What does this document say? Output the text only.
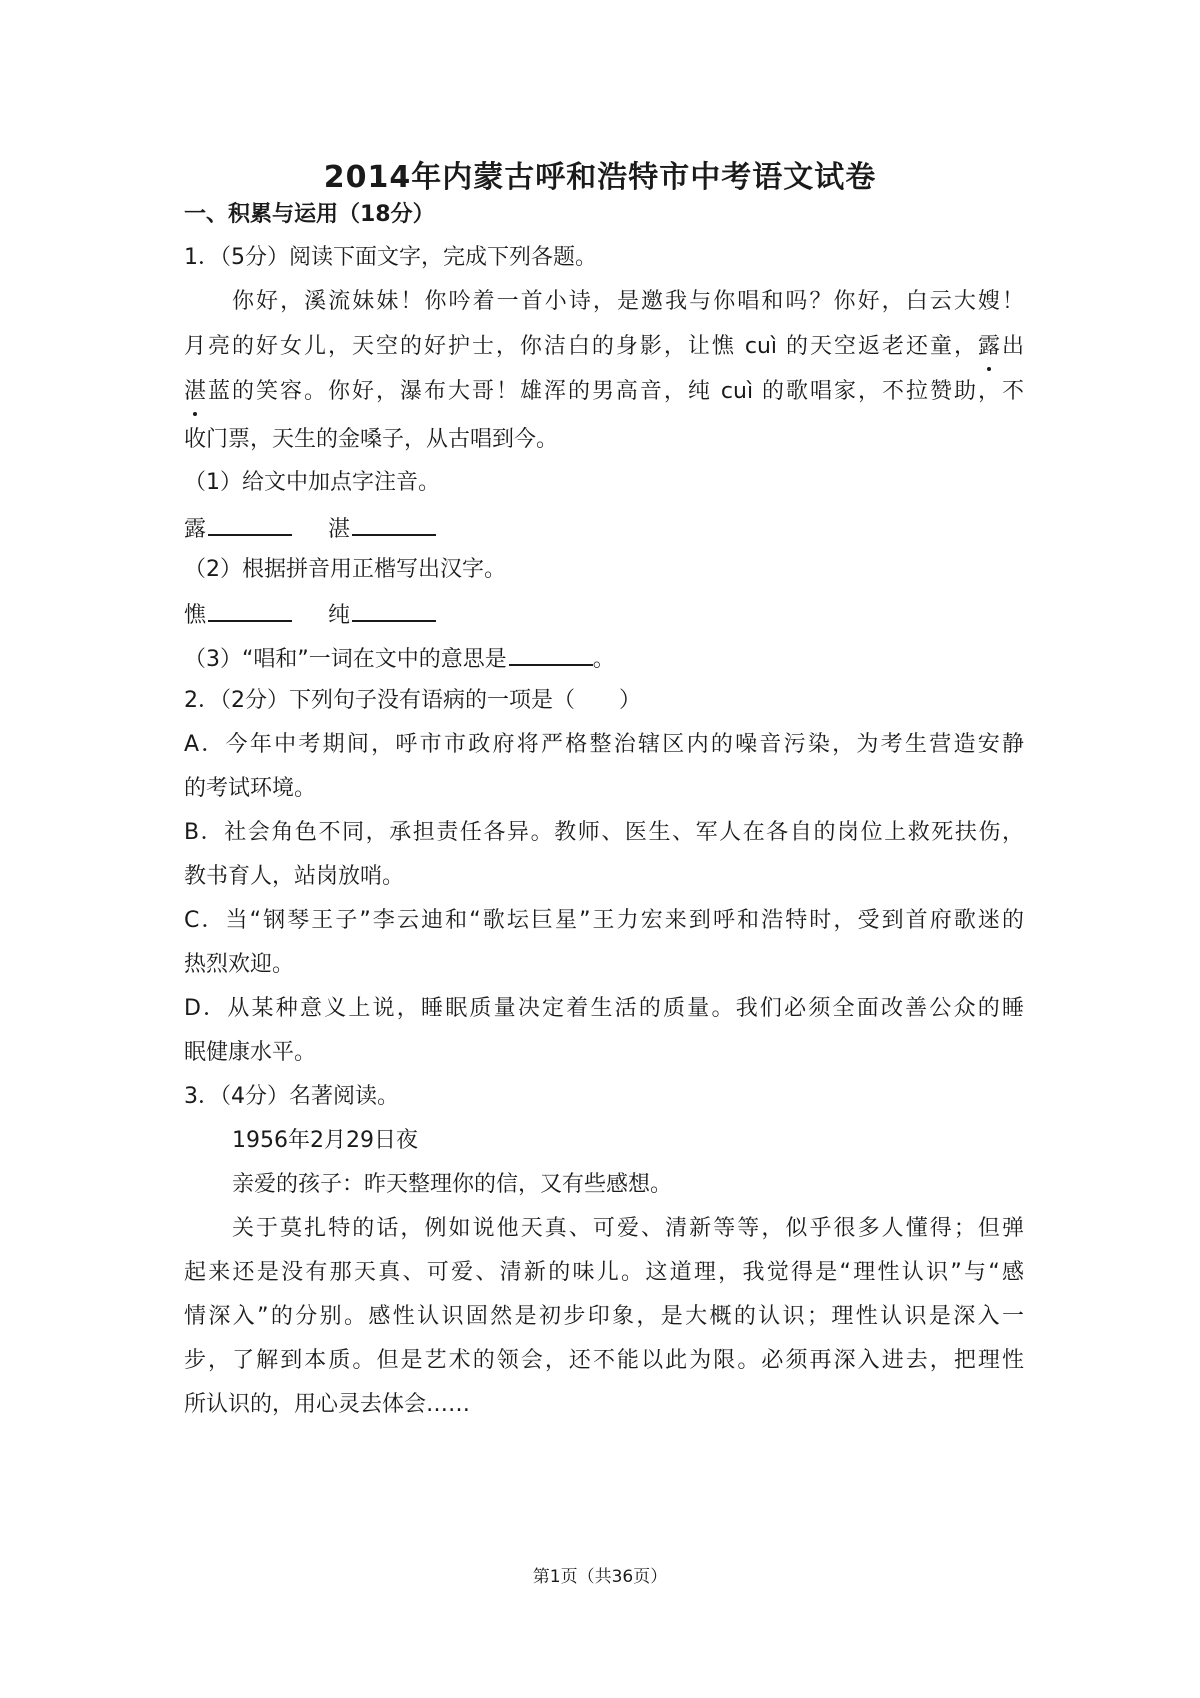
2014年内蒙古呼和浩特市中考语文试卷
一、积累与运用（18分）
1．（5分）阅读下面文字，完成下列各题。
你好，溪流妹妹！你吟着一首小诗，是邀我与你唱和吗？你好，白云大嫂！
月亮的好女儿，天空的好护士，你洁白的身影，让憔 cuì 的天空返老还童，露出
湛蓝的笑容。你好，瀑布大哥！雄浑的男高音，纯 cuì 的歌唱家，不拉赞助，不
收门票，天生的金嗓子，从古唱到今。
（1）给文中加点字注音。
露	湛
（2）根据拼音用正楷写出汉字。
憔	纯
（3）“唱和”一词在文中的意思是	。
2．（2分）下列句子没有语病的一项是（ ）
A．今年中考期间，呼市市政府将严格整治辖区内的噪音污染，为考生营造安静
的考试环境。
B．社会角色不同，承担责任各异。教师、医生、军人在各自的岗位上救死扶伤，
教书育人，站岗放哨。
C．当“钢琴王子”李云迪和“歌坛巨星”王力宏来到呼和浩特时，受到首府歌迷的
热烈欢迎。
D．从某种意义上说，睡眠质量决定着生活的质量。我们必须全面改善公众的睡
眠健康水平。
3．（4分）名著阅读。
1956年2月29日夜
亲爱的孩子：昨天整理你的信，又有些感想。
关于莫扎特的话，例如说他天真、可爱、清新等等，似乎很多人懂得；但弹
起来还是没有那天真、可爱、清新的味儿。这道理，我觉得是“理性认识”与“感
情深入”的分别。感性认识固然是初步印象，是大概的认识；理性认识是深入一
步，了解到本质。但是艺术的领会，还不能以此为限。必须再深入进去，把理性
所认识的，用心灵去体会……
第1页（共36页）
